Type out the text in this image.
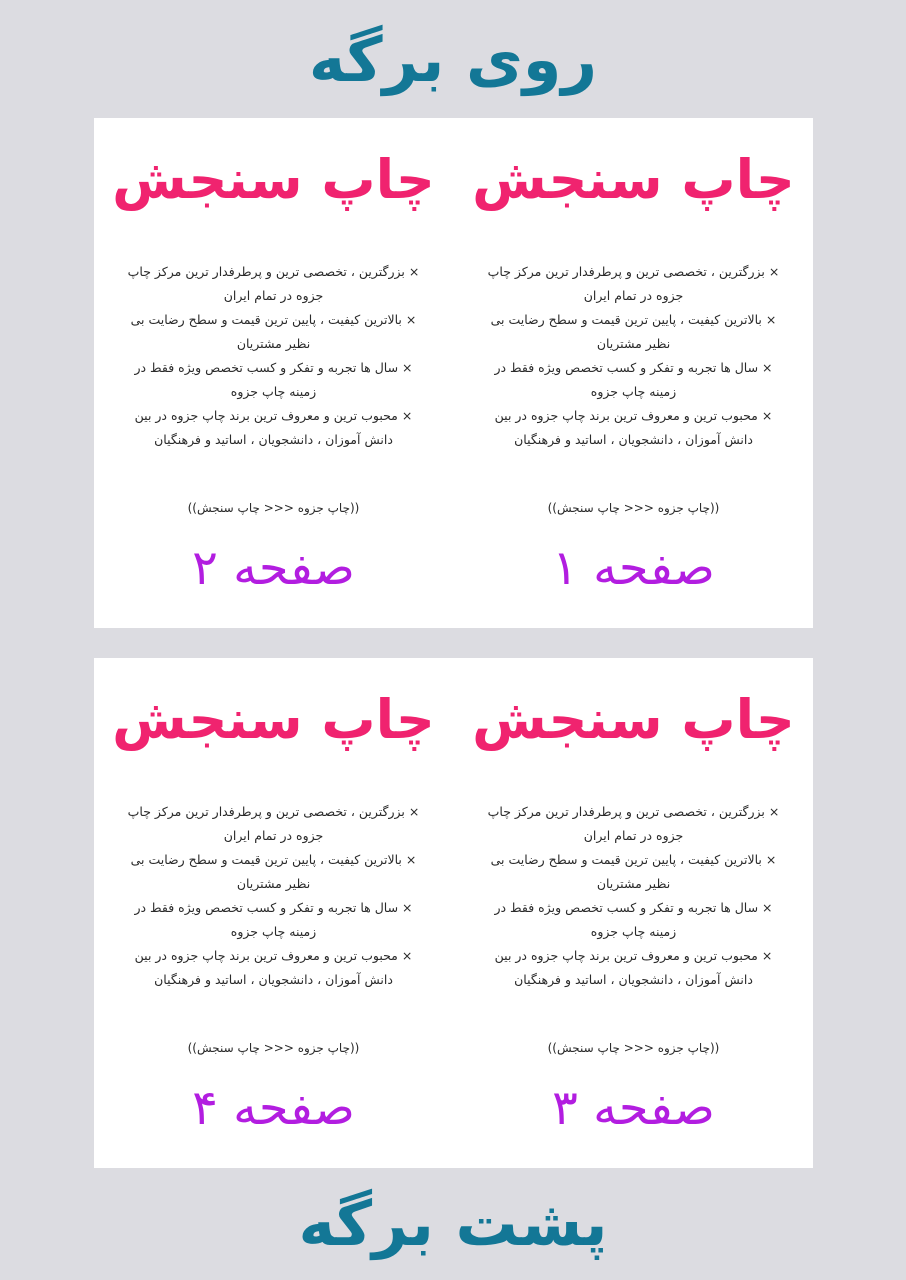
روی برگه
چاپ سنجش
× بزرگترین ، تخصصی ترین و پرطرفدار ترین مرکز چاپ جزوه در تمام ایران
× بالاترین کیفیت ، پایین ترین قیمت و سطح رضایت بی نظیر مشتریان
× سال ها تجربه و تفکر و کسب تخصص ویژه فقط در زمینه چاپ جزوه
× محبوب ترین و معروف ترین برند چاپ جزوه در بین دانش آموزان ، دانشجویان ، اساتید و فرهنگیان
((چاپ جزوه <<< چاپ سنجش))
صفحه ۱
چاپ سنجش
× بزرگترین ، تخصصی ترین و پرطرفدار ترین مرکز چاپ جزوه در تمام ایران
× بالاترین کیفیت ، پایین ترین قیمت و سطح رضایت بی نظیر مشتریان
× سال ها تجربه و تفکر و کسب تخصص ویژه فقط در زمینه چاپ جزوه
× محبوب ترین و معروف ترین برند چاپ جزوه در بین دانش آموزان ، دانشجویان ، اساتید و فرهنگیان
((چاپ جزوه <<< چاپ سنجش))
صفحه ۲
چاپ سنجش
× بزرگترین ، تخصصی ترین و پرطرفدار ترین مرکز چاپ جزوه در تمام ایران
× بالاترین کیفیت ، پایین ترین قیمت و سطح رضایت بی نظیر مشتریان
× سال ها تجربه و تفکر و کسب تخصص ویژه فقط در زمینه چاپ جزوه
× محبوب ترین و معروف ترین برند چاپ جزوه در بین دانش آموزان ، دانشجویان ، اساتید و فرهنگیان
((چاپ جزوه <<< چاپ سنجش))
صفحه ۳
چاپ سنجش
× بزرگترین ، تخصصی ترین و پرطرفدار ترین مرکز چاپ جزوه در تمام ایران
× بالاترین کیفیت ، پایین ترین قیمت و سطح رضایت بی نظیر مشتریان
× سال ها تجربه و تفکر و کسب تخصص ویژه فقط در زمینه چاپ جزوه
× محبوب ترین و معروف ترین برند چاپ جزوه در بین دانش آموزان ، دانشجویان ، اساتید و فرهنگیان
((چاپ جزوه <<< چاپ سنجش))
صفحه ۴
پشت برگه
